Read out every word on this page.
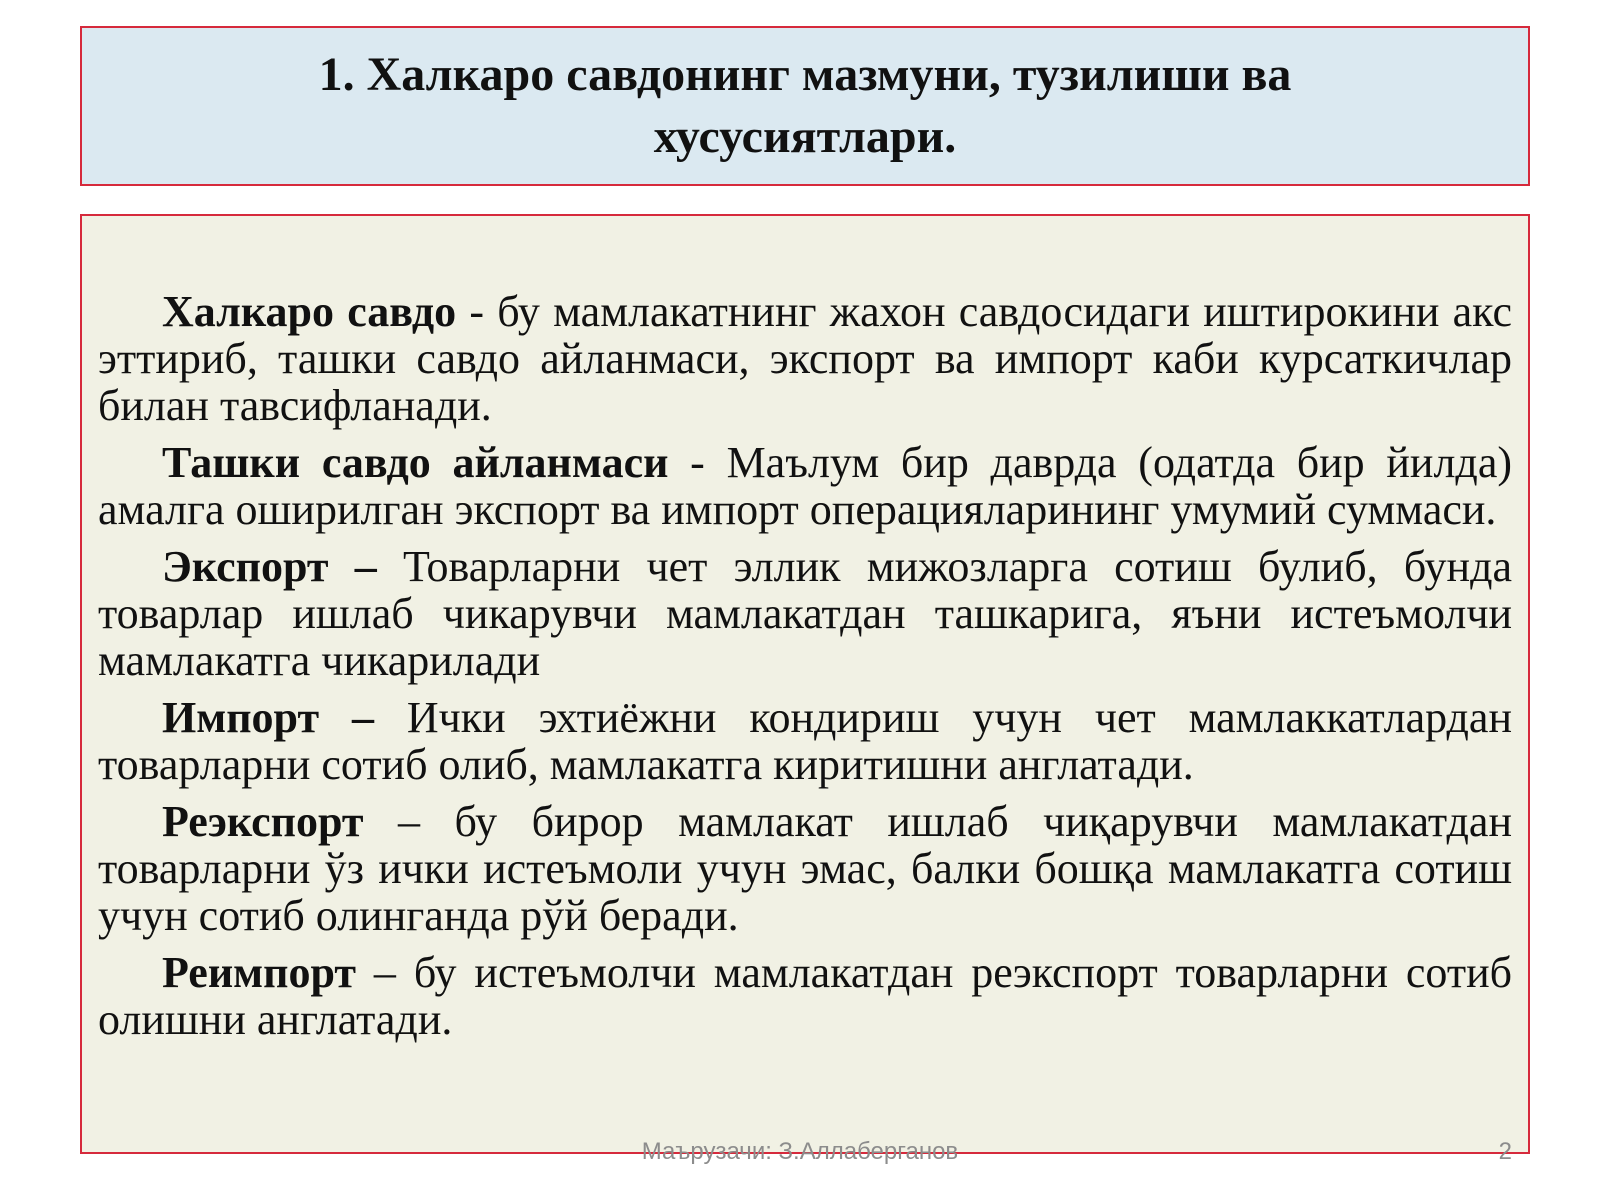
1. Халкаро савдонинг мазмуни, тузилиши ва хусусиятлари.

Халкаро савдо - бу мамлакатнинг жахон савдосидаги иштирокини акс эттириб, ташки савдо айланмаси, экспорт ва импорт каби курсаткичлар билан тавсифланади.

Ташки савдо айланмаси - Маълум бир даврда (одатда бир йилда) амалга оширилган экспорт ва импорт операцияларининг умумий суммаси.

Экспорт – Товарларни чет эллик мижозларга сотиш булиб, бунда товарлар ишлаб чикарувчи мамлакатдан ташкарига, яъни истеъмолчи мамлакатга чикарилади

Импорт – Ички эхтиёжни кондириш учун чет мамлаккатлардан товарларни сотиб олиб, мамлакатга киритишни англатади.

Реэкспорт – бу бирор мамлакат ишлаб чиқарувчи мамлакатдан товарларни ўз ички истеъмоли учун эмас, балки бошқа мамлакатга сотиш учун сотиб олинганда рўй беради.

Реимпорт – бу истеъмолчи мамлакатдан реэкспорт товарларни сотиб олишни англатади.

Маърузачи: З.Аллаберганов	2
